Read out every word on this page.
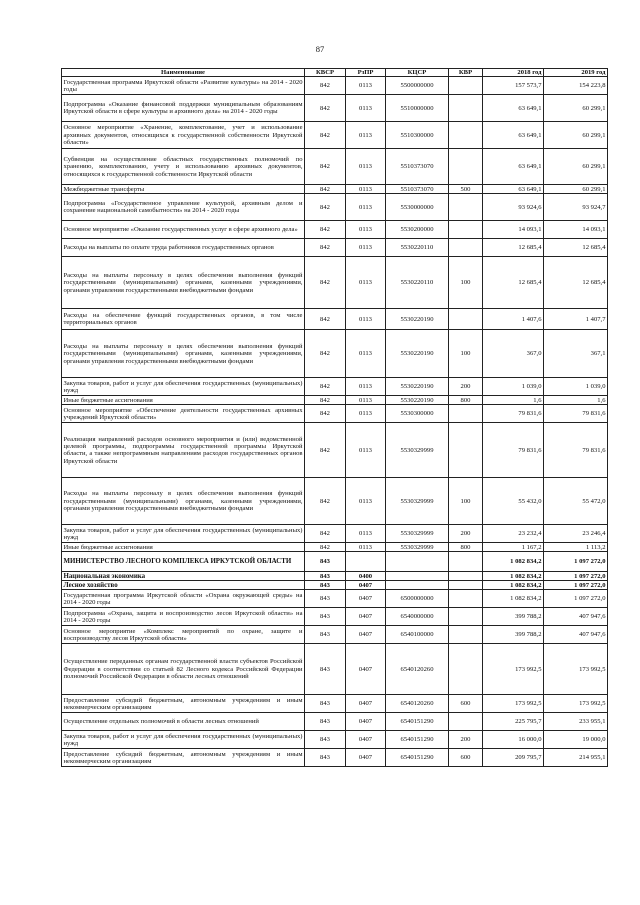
87
Наименование	КВСР	РзПР	КЦСР	КВР	2018 год	2019 год
Государственная программа Иркутской области «Развитие культуры» на 2014 - 2020 годы	842	0113	5500000000		157 573,7	154 223,8
Подпрограмма «Оказание финансовой поддержки муниципальным образованиям Иркутской области в сфере культуры и архивного дела» на 2014 - 2020 годы	842	0113	5510000000		63 649,1	60 299,1
Основное мероприятие «Хранение, комплектование, учет и использование архивных документов, относящихся к государственной собственности Иркутской области»	842	0113	5510300000		63 649,1	60 299,1
Субвенция на осуществление областных государственных полномочий по хранению, комплектованию, учету и использованию архивных документов, относящихся к государственной собственности Иркутской области	842	0113	5510373070		63 649,1	60 299,1
Межбюджетные трансферты	842	0113	5510373070	500	63 649,1	60 299,1
Подпрограмма «Государственное управление культурой, архивным делом и сохранение национальной самобытности» на 2014 - 2020 годы	842	0113	5530000000		93 924,6	93 924,7
Основное мероприятие «Оказание государственных услуг в сфере архивного дела»	842	0113	5530200000		14 093,1	14 093,1
Расходы на выплаты по оплате труда работников государственных органов	842	0113	5530220110		12 685,4	12 685,4
Расходы на выплаты персоналу в целях обеспечения выполнения функций государственными (муниципальными) органами, казенными учреждениями, органами управления государственными внебюджетными фондами	842	0113	5530220110	100	12 685,4	12 685,4
Расходы на обеспечение функций государственных органов, в том числе территориальных органов	842	0113	5530220190		1 407,6	1 407,7
Расходы на выплаты персоналу в целях обеспечения выполнения функций государственными (муниципальными) органами, казенными учреждениями, органами управления государственными внебюджетными фондами	842	0113	5530220190	100	367,0	367,1
Закупка товаров, работ и услуг для обеспечения государственных (муниципальных) нужд	842	0113	5530220190	200	1 039,0	1 039,0
Иные бюджетные ассигнования	842	0113	5530220190	800	1,6	1,6
Основное мероприятие «Обеспечение деятельности государственных архивных учреждений Иркутской области»	842	0113	5530300000		79 831,6	79 831,6
Реализация направлений расходов основного мероприятия и (или) ведомственной целевой программы, подпрограммы государственной программы Иркутской области, а также непрограммным направлениям расходов государственных органов Иркутской области	842	0113	5530329999		79 831,6	79 831,6
Расходы на выплаты персоналу в целях обеспечения выполнения функций государственными (муниципальными) органами, казенными учреждениями, органами управления государственными внебюджетными фондами	842	0113	5530329999	100	55 432,0	55 472,0
Закупка товаров, работ и услуг для обеспечения государственных (муниципальных) нужд	842	0113	5530329999	200	23 232,4	23 246,4
Иные бюджетные ассигнования	842	0113	5530329999	800	1 167,2	1 113,2
МИНИСТЕРСТВО ЛЕСНОГО КОМПЛЕКСА ИРКУТСКОЙ ОБЛАСТИ	843				1 082 834,2	1 097 272,0
Национальная экономика	843	0400			1 082 834,2	1 097 272,0
Лесное хозяйство	843	0407			1 082 834,2	1 097 272,0
Государственная программа Иркутской области «Охрана окружающей среды» на 2014 - 2020 годы	843	0407	6500000000		1 082 834,2	1 097 272,0
Подпрограмма «Охрана, защита и воспроизводство лесов Иркутской области» на 2014 - 2020 годы	843	0407	6540000000		399 788,2	407 947,6
Основное мероприятие «Комплекс мероприятий по охране, защите и воспроизводству лесов Иркутской области»	843	0407	6540100000		399 788,2	407 947,6
Осуществление переданных органам государственной власти субъектов Российской Федерации в соответствии со статьей 82 Лесного кодекса Российской Федерации полномочий Российской Федерации в области лесных отношений	843	0407	6540120260		173 992,5	173 992,5
Предоставление субсидий бюджетным, автономным учреждениям и иным некоммерческим организациям	843	0407	6540120260	600	173 992,5	173 992,5
Осуществление отдельных полномочий в области лесных отношений	843	0407	6540151290		225 795,7	233 955,1
Закупка товаров, работ и услуг для обеспечения государственных (муниципальных) нужд	843	0407	6540151290	200	16 000,0	19 000,0
Предоставление субсидий бюджетным, автономным учреждениям и иным некоммерческим организациям	843	0407	6540151290	600	209 795,7	214 955,1
